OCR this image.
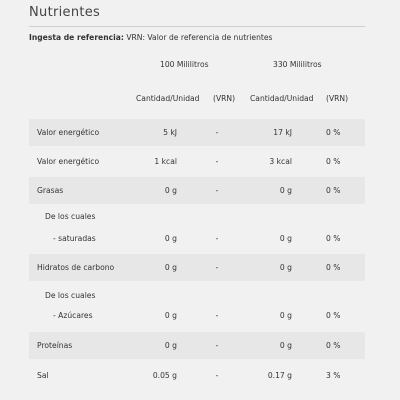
Nutrientes
Ingesta de referencia: VRN: Valor de referencia de nutrientes
100 Mililitros	330 Mililitros
Cantidad/Unidad (VRN) Cantidad/Unidad (VRN)
Valor energético	5 kJ	-	17 kJ	0 %
Valor energético	1 kcal	-	3 kcal	0 %
Grasas	0 g	-	0 g	0 %
De los cuales
- saturadas	0 g	-	0 g	0 %
Hidratos de carbono	0 g	-	0 g	0 %
De los cuales
- Azúcares	0 g	-	0 g	0 %
Proteínas	0 g	-	0 g	0 %
Sal	0.05 g	-	0.17 g	3 %
